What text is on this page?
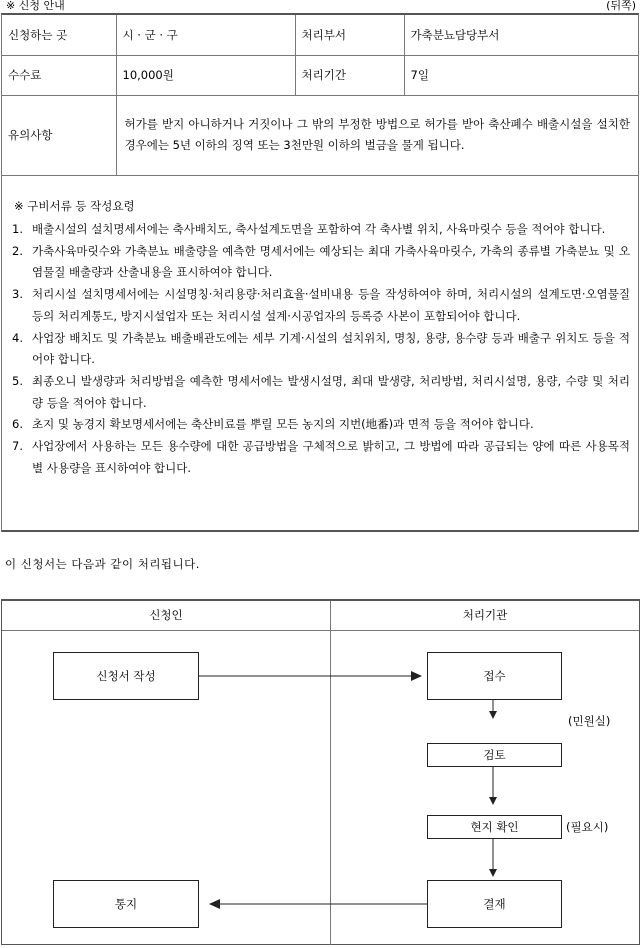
※ 신청 안내	(뒤쪽)
신청하는 곳	시 · 군 · 구	처리부서	가축분뇨담당부서
수수료	10,000원	처리기간	7일
유의사항	허가를 받지 아니하거나 거짓이나 그 밖의 부정한 방법으로 허가를 받아 축산폐수 배출시설을 설치한 경우에는 5년 이하의 징역 또는 3천만원 이하의 벌금을 물게 됩니다.		
※ 구비서류 등 작성요령
1. 배출시설의 설치명세서에는 축사배치도, 축사설계도면을 포함하여 각 축사별 위치, 사육마릿수 등을 적어야 합니다.
2. 가축사육마릿수와 가축분뇨 배출량을 예측한 명세서에는 예상되는 최대 가축사육마릿수, 가축의 종류별 가축분뇨 및 오염물질 배출량과 산출내용을 표시하여야 합니다.
3. 처리시설 설치명세서에는 시설명칭·처리용량·처리효율·설비내용 등을 작성하여야 하며, 처리시설의 설계도면·오염물질 등의 처리계통도, 방지시설업자 또는 처리시설 설계·시공업자의 등록증 사본이 포함되어야 합니다.
4. 사업장 배치도 및 가축분뇨 배출배관도에는 세부 기계·시설의 설치위치, 명칭, 용량, 용수량 등과 배출구 위치도 등을 적어야 합니다.
5. 최종오니 발생량과 처리방법을 예측한 명세서에는 발생시설명, 최대 발생량, 처리방법, 처리시설명, 용량, 수량 및 처리량 등을 적어야 합니다.
6. 초지 및 농경지 확보명세서에는 축산비료를 뿌릴 모든 농지의 지번(地番)과 면적 등을 적어야 합니다.
7. 사업장에서 사용하는 모든 용수량에 대한 공급방법을 구체적으로 밝히고, 그 방법에 따라 공급되는 양에 따른 사용목적별 사용량을 표시하여야 합니다.
이 신청서는 다음과 같이 처리됩니다.
신청인	처리기관
신청서 작성	접수
(민원실)
검토
현지 확인	(필요시)
결재
통지
